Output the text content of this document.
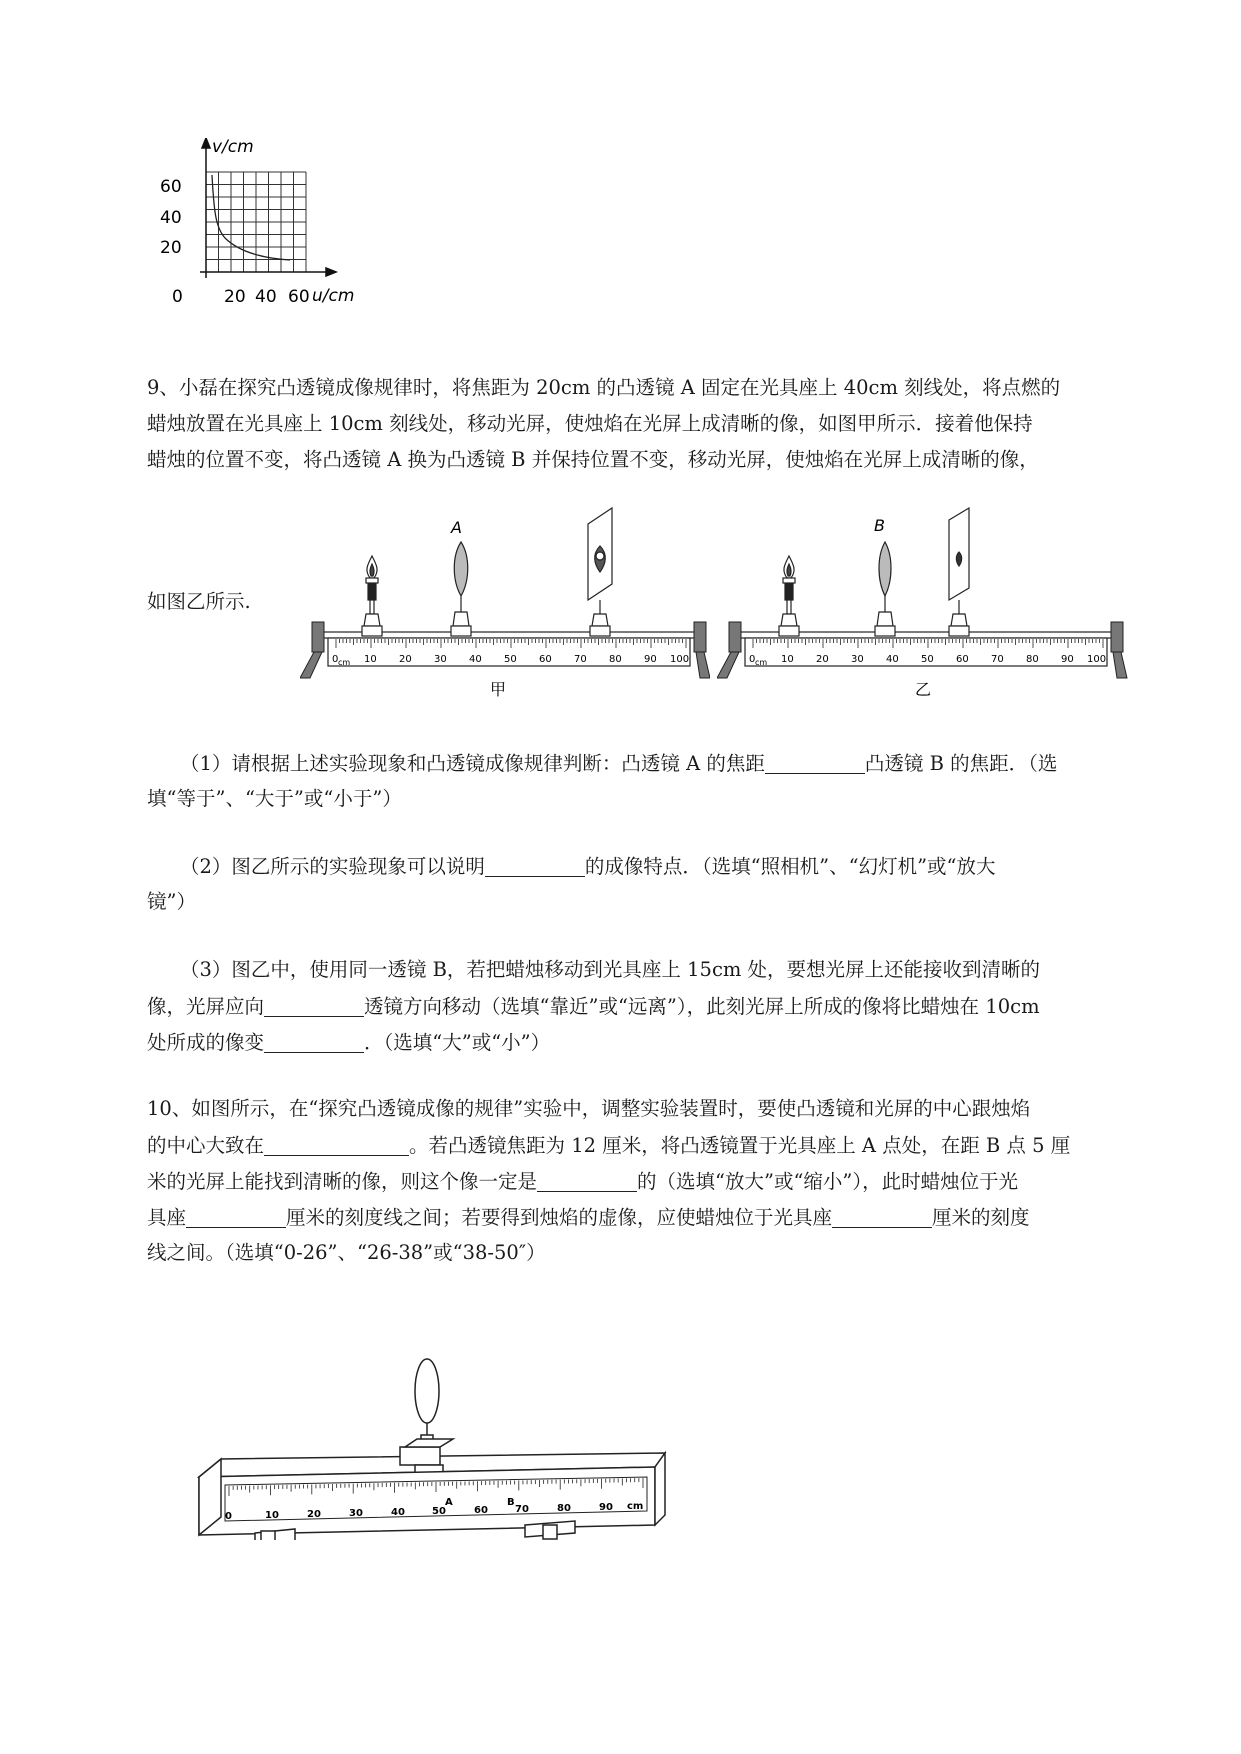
v/cm
u/cm
60
40
20
0 20 40 60
9、小磊在探究凸透镜成像规律时，将焦距为 20cm 的凸透镜 A 固定在光具座上 40cm 刻线处，将点燃的
蜡烛放置在光具座上 10cm 刻线处，移动光屏，使烛焰在光屏上成清晰的像，如图甲所示．接着他保持
蜡烛的位置不变，将凸透镜 A 换为凸透镜 B 并保持位置不变，移动光屏，使烛焰在光屏上成清晰的像，
如图乙所示.
A
0 cm 10 20 30 40 50 60 70 80 90 100
甲
B
0 cm 10 20 30 40 50 60 70 80 90 100
乙
（1）请根据上述实验现象和凸透镜成像规律判断：凸透镜 A 的焦距	凸透镜 B 的焦距．（选
填“等于”、“大于”或“小于”）
（2）图乙所示的实验现象可以说明	的成像特点．（选填“照相机”、“幻灯机”或“放大
镜”）
（3）图乙中，使用同一透镜 B，若把蜡烛移动到光具座上 15cm 处，要想光屏上还能接收到清晰的
像，光屏应向	透镜方向移动（选填“靠近”或“远离”），此刻光屏上所成的像将比蜡烛在 10cm
处所成的像变	．（选填“大”或“小”）
10、如图所示，在“探究凸透镜成像的规律”实验中，调整实验装置时，要使凸透镜和光屏的中心跟烛焰
的中心大致在	。若凸透镜焦距为 12 厘米，将凸透镜置于光具座上 A 点处，在距 B 点 5 厘
米的光屏上能找到清晰的像，则这个像一定是	的（选填“放大”或“缩小”），此时蜡烛位于光
具座	厘米的刻度线之间；若要得到烛焰的虚像，应使蜡烛位于光具座	厘米的刻度
线之间。（选填“0-26”、“26-38”或“38-50″）
0	10	20	30	40	50	60	70	80	90 cm
A	B
